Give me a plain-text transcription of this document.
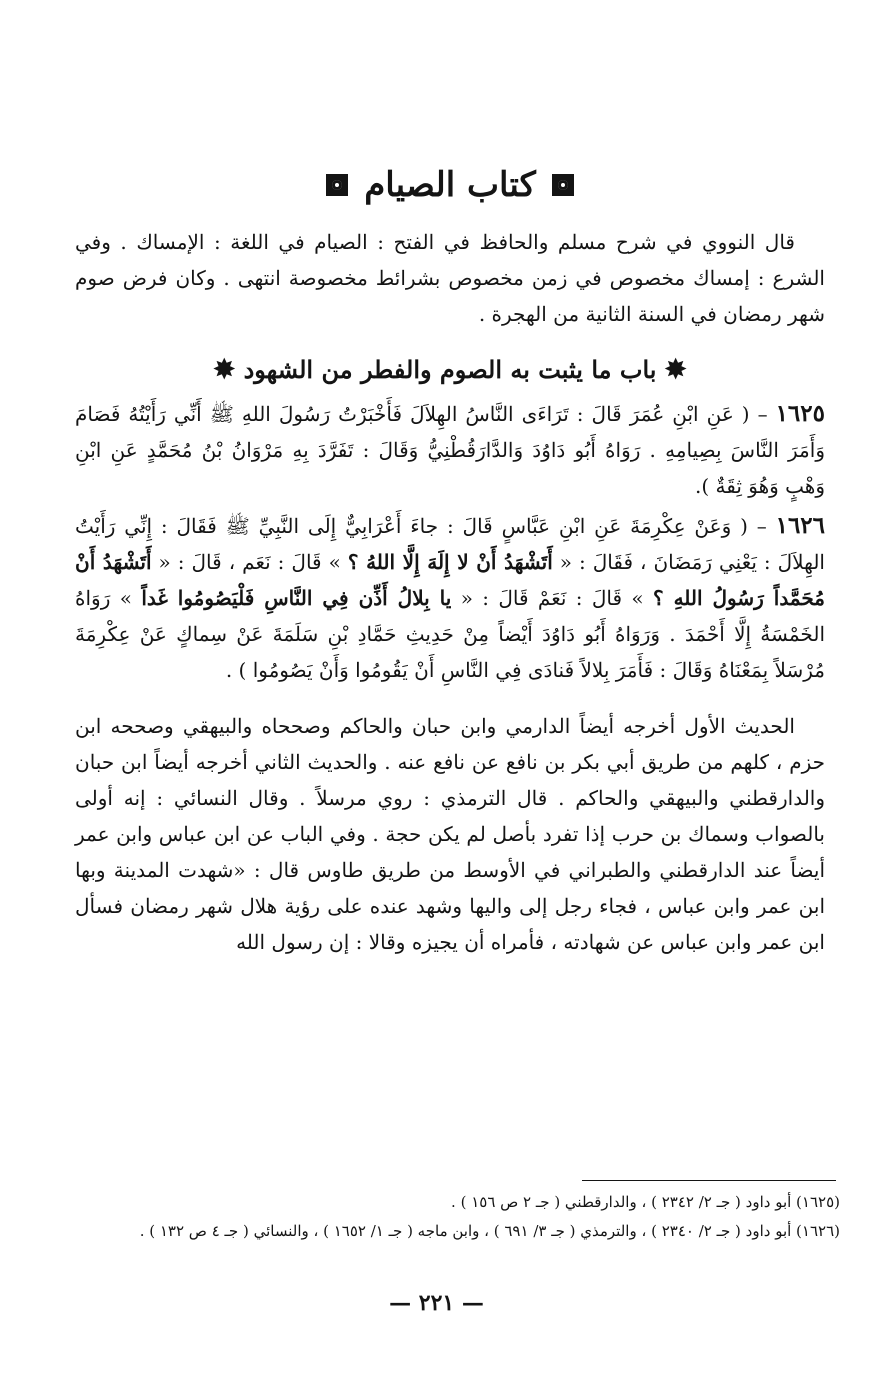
كتاب الصيام

قال النووي في شرح مسلم والحافظ في الفتح : الصيام في اللغة : الإمساك . وفي الشرع : إمساك مخصوص في زمن مخصوص بشرائط مخصوصة انتهى . وكان فرض صوم شهر رمضان في السنة الثانية من الهجرة .

✸ باب ما يثبت به الصوم والفطر من الشهود ✸

١٦٢٥ – ( عَنِ ابْنِ عُمَرَ قَالَ : تَرَاءَى النَّاسُ الهِلاَلَ فَأَخْبَرْتُ رَسُولَ اللهِ ﷺ أَنِّي رَأَيْتُهُ فَصَامَ وَأَمَرَ النَّاسَ بِصِيامِهِ . رَوَاهُ أَبُو دَاوُدَ وَالدَّارَقُطْنِيُّ وَقَالَ : تَفَرَّدَ بِهِ مَرْوَانُ بْنُ مُحَمَّدٍ عَنِ ابْنِ وَهْبٍ وَهُوَ ثِقَةٌ ).

١٦٢٦ – ( وَعَنْ عِكْرِمَةَ عَنِ ابْنِ عَبَّاسٍ قَالَ : جاءَ أَعْرَابِيٌّ إِلَى النَّبِيِّ ﷺ فَقَالَ : إِنِّي رَأَيْتُ الهِلاَلَ : يَعْنِي رَمَضَانَ ، فَقَالَ : « أَتَشْهَدُ أَنْ لا إِلَهَ إِلَّا اللهُ ؟ » قَالَ : نَعَم ، قَالَ : « أَتَشْهَدُ أَنْ مُحَمَّداً رَسُولُ اللهِ ؟ » قَالَ : نَعَمْ قَالَ : « يا بِلالُ أَذِّن فِي النَّاسِ فَلْيَصُومُوا غَداً » رَوَاهُ الخَمْسَةُ إِلَّا أَحْمَدَ . وَرَوَاهُ أَبُو دَاوُدَ أَيْضاً مِنْ حَدِيثِ حَمَّادِ بْنِ سَلَمَةَ عَنْ سِماكٍ عَنْ عِكْرِمَةَ مُرْسَلاً بِمَعْنَاهُ وَقَالَ : فَأَمَرَ بِلالاً فَنادَى فِي النَّاسِ أَنْ يَقُومُوا وَأَنْ يَصُومُوا ) .

الحديث الأول أخرجه أيضاً الدارمي وابن حبان والحاكم وصححاه والبيهقي وصححه ابن حزم ، كلهم من طريق أبي بكر بن نافع عن نافع عنه . والحديث الثاني أخرجه أيضاً ابن حبان والدارقطني والبيهقي والحاكم . قال الترمذي : روي مرسلاً . وقال النسائي : إنه أولى بالصواب وسماك بن حرب إذا تفرد بأصل لم يكن حجة . وفي الباب عن ابن عباس وابن عمر أيضاً عند الدارقطني والطبراني في الأوسط من طريق طاوس قال : «شهدت المدينة وبها ابن عمر وابن عباس ، فجاء رجل إلى واليها وشهد عنده على رؤية هلال شهر رمضان فسأل ابن عمر وابن عباس عن شهادته ، فأمراه أن يجيزه وقالا : إن رسول الله

(١٦٢٥) أبو داود ( جـ ٢/ ٢٣٤٢ ) ، والدارقطني ( جـ ٢ ص ١٥٦ ) .

(١٦٢٦) أبو داود ( جـ ٢/ ٢٣٤٠ ) ، والترمذي ( جـ ٣/ ٦٩١ ) ، وابن ماجه ( جـ ١/ ١٦٥٢ ) ، والنسائي ( جـ ٤ ص ١٣٢ ) .

— ٢٢١ —
